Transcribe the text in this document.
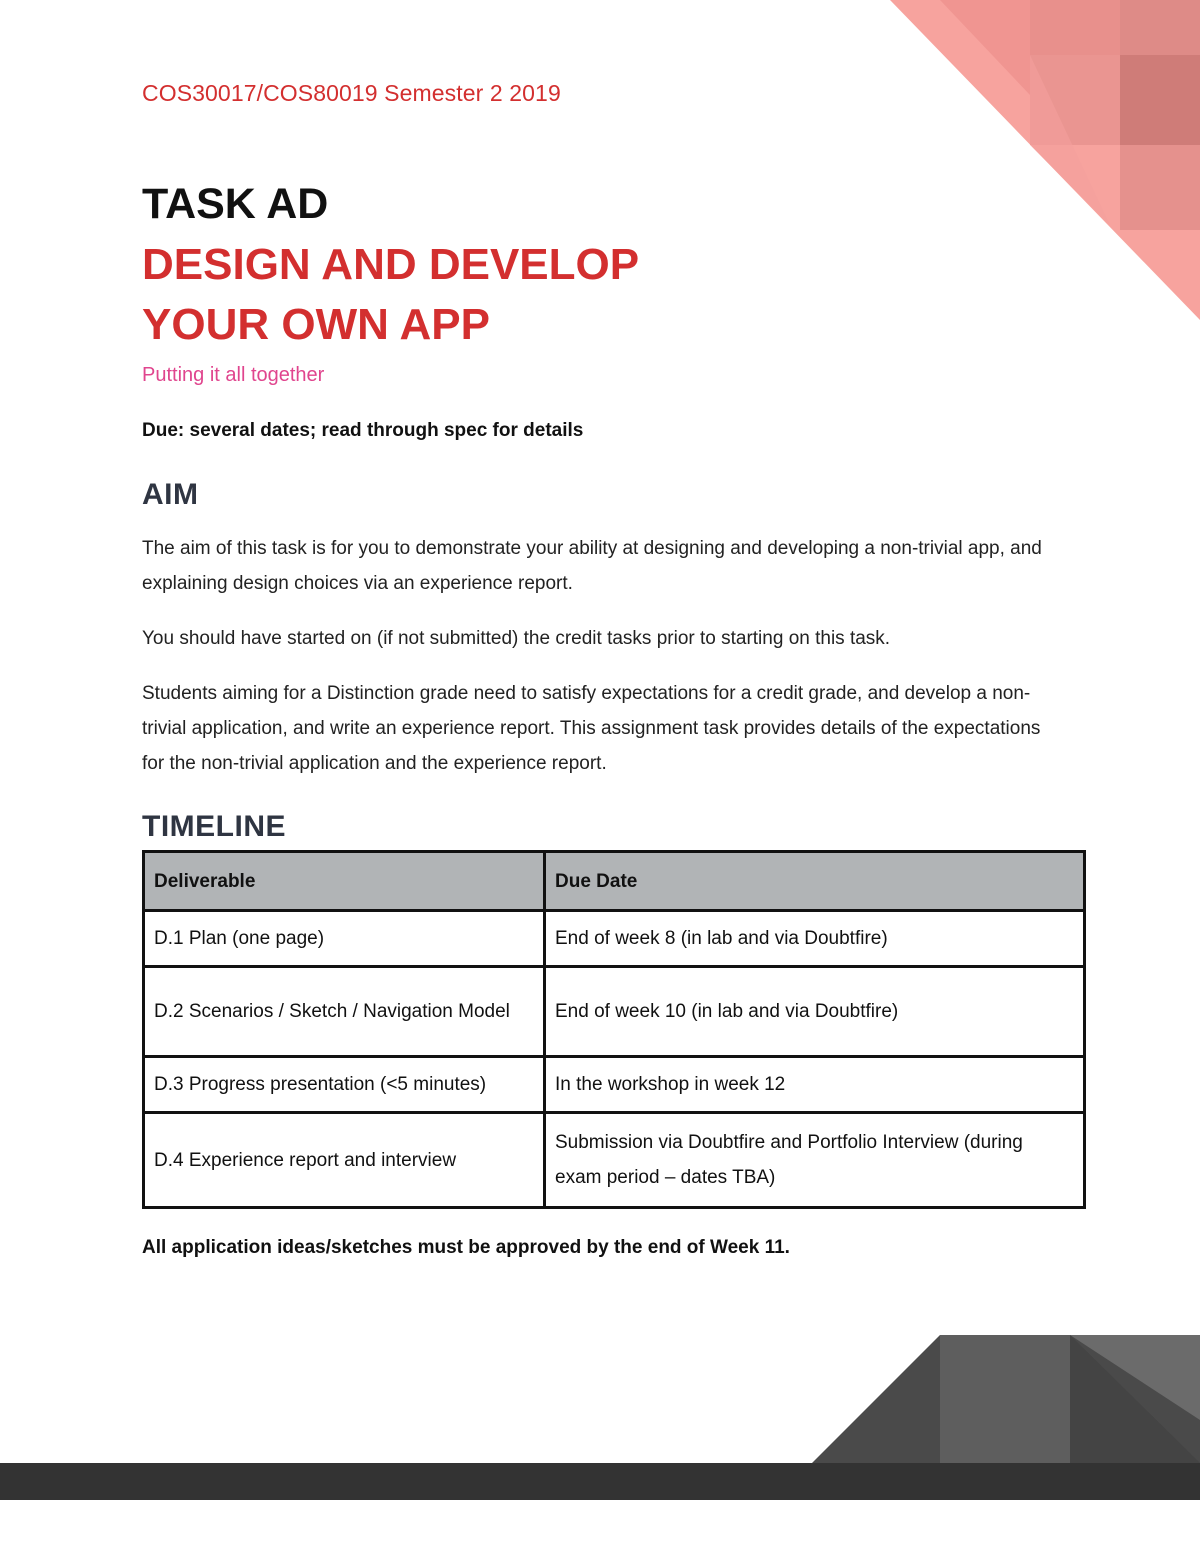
COS30017/COS80019 Semester 2 2019
TASK AD
DESIGN AND DEVELOP
YOUR OWN APP
Putting it all together
Due: several dates; read through spec for details
AIM

The aim of this task is for you to demonstrate your ability at designing and developing a non-trivial app, and explaining design choices via an experience report.

You should have started on (if not submitted) the credit tasks prior to starting on this task.

Students aiming for a Distinction grade need to satisfy expectations for a credit grade, and develop a non-trivial application, and write an experience report. This assignment task provides details of the expectations for the non-trivial application and the experience report.

TIMELINE
Deliverable	Due Date
D.1 Plan (one page)	End of week 8 (in lab and via Doubtfire)
D.2 Scenarios / Sketch / Navigation Model	End of week 10 (in lab and via Doubtfire)
D.3 Progress presentation (<5 minutes)	In the workshop in week 12
D.4 Experience report and interview	Submission via Doubtfire and Portfolio Interview (during exam period – dates TBA)
All application ideas/sketches must be approved by the end of Week 11.
